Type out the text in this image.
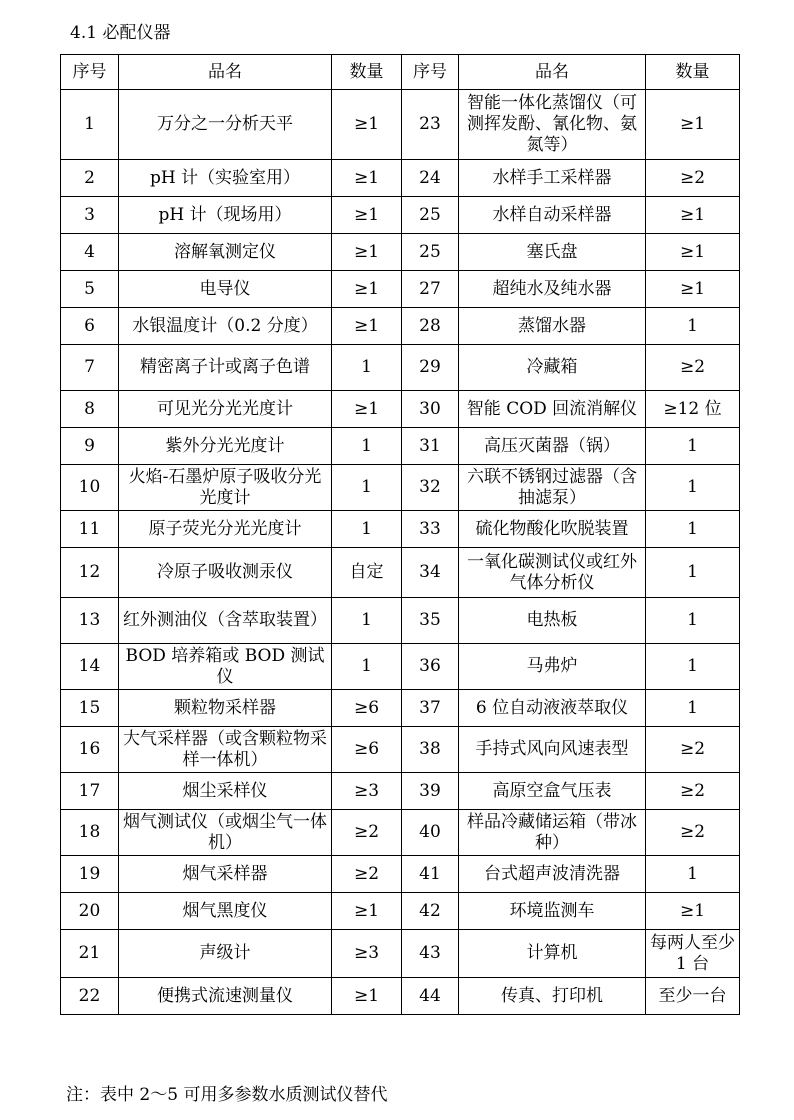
4.1 必配仪器
序号	品名	数量	序号	品名	数量
1	万分之一分析天平	≥1	23	智能一体化蒸馏仪（可测挥发酚、氰化物、氨氮等）	≥1
2	pH 计（实验室用）	≥1	24	水样手工采样器	≥2
3	pH 计（现场用）	≥1	25	水样自动采样器	≥1
4	溶解氧测定仪	≥1	25	塞氏盘	≥1
5	电导仪	≥1	27	超纯水及纯水器	≥1
6	水银温度计（0.2 分度）	≥1	28	蒸馏水器	1
7	精密离子计或离子色谱	1	29	冷藏箱	≥2
8	可见光分光光度计	≥1	30	智能 COD 回流消解仪	≥12 位
9	紫外分光光度计	1	31	高压灭菌器（锅）	1
10	火焰-石墨炉原子吸收分光光度计	1	32	六联不锈钢过滤器（含抽滤泵）	1
11	原子荧光分光光度计	1	33	硫化物酸化吹脱装置	1
12	冷原子吸收测汞仪	自定	34	一氧化碳测试仪或红外气体分析仪	1
13	红外测油仪（含萃取装置）	1	35	电热板	1
14	BOD 培养箱或 BOD 测试仪	1	36	马弗炉	1
15	颗粒物采样器	≥6	37	6 位自动液液萃取仪	1
16	大气采样器（或含颗粒物采样一体机）	≥6	38	手持式风向风速表型	≥2
17	烟尘采样仪	≥3	39	高原空盒气压表	≥2
18	烟气测试仪（或烟尘气一体机）	≥2	40	样品冷藏储运箱（带冰种）	≥2
19	烟气采样器	≥2	41	台式超声波清洗器	1
20	烟气黑度仪	≥1	42	环境监测车	≥1
21	声级计	≥3	43	计算机	每两人至少 1 台
22	便携式流速测量仪	≥1	44	传真、打印机	至少一台
注：表中 2～5 可用多参数水质测试仪替代
